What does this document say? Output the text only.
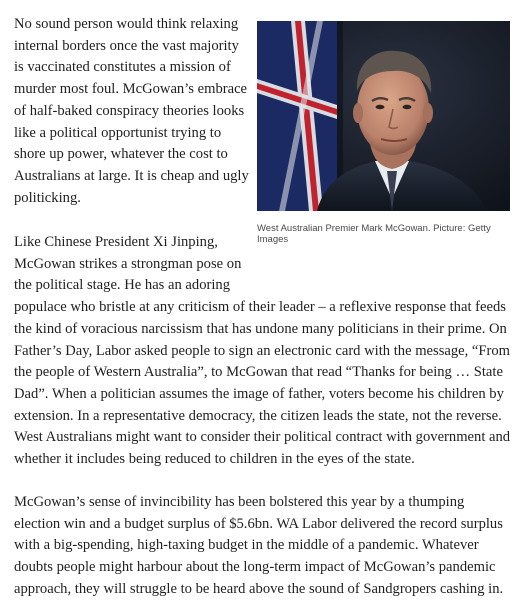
No sound person would think relaxing internal borders once the vast majority is vaccinated constitutes a mission of murder most foul. McGowan’s embrace of half-baked conspiracy theories looks like a political opportunist trying to shore up power, whatever the cost to Australians at large. It is cheap and ugly politicking.

West Australian Premier Mark McGowan. Picture: Getty Images

Like Chinese President Xi Jinping, McGowan strikes a strongman pose on the political stage. He has an adoring populace who bristle at any criticism of their leader – a reflexive response that feeds the kind of voracious narcissism that has undone many politicians in their prime. On Father’s Day, Labor asked people to sign an electronic card with the message, “From the people of Western Australia”, to McGowan that read “Thanks for being … State Dad”. When a politician assumes the image of father, voters become his children by extension. In a representative democracy, the citizen leads the state, not the reverse. West Australians might want to consider their political contract with government and whether it includes being reduced to children in the eyes of the state.

McGowan’s sense of invincibility has been bolstered this year by a thumping election win and a budget surplus of $5.6bn. WA Labor delivered the record surplus with a big-spending, high-taxing budget in the middle of a pandemic. Whatever doubts people might harbour about the long-term impact of McGowan’s pandemic approach, they will struggle to be heard above the sound of Sandgropers cashing in.
